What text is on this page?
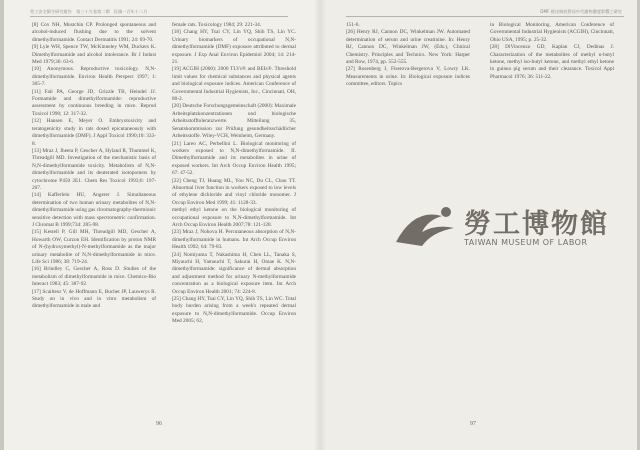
勞工安全衛生研究報告　第三十九卷第二期　民國一百年十二月
[8] Cox NH, Mustchin CP. Prolonged spontaneous and alcohol-induced flushing due to the solvent dimethylformamide. Contact Dermatitis 1991; 24: 69-70.
[9] Lyle WH, Spence TW, McKinneley WM, Duckers K. Dimethylformamide and alcohol intolerance. Br J Indust Med 1979;36: 63-6.
[10] Anonymous. Reproductive toxicology. N,N-dimethylformamide. Environ Health Perspect 1997; 1: 305-7.
[11] Fail PA, George JD, Grizzle TB, Heindel JJ. Formamide and dimethylformamide: reproductive assessment by continuous breeding in mice. Reprod Toxicol 1998; 12: 317-32.
[12] Hansen E, Meyer O. Embryotoxicity and teratogenicity study in rats dosed epicutaneously with dimethylformamide (DMF). J Appl Toxicol 1990;10: 333-8.
[13] Mraz J, Jheeta P, Gescher A, Hyland R, Thummel K, Threadgill MD. Investigation of the mechanistic basis of N,N-dimethylformamide toxicity. Metabolism of N,N-dimethylformamide and its deuterated isotopomers by cytochrome P450 2E1. Chem Res Toxicol 1993;6: 197-207.
[14] Kafferlein HU, Angerer J. Simultaneous determination of two human urinary metabolites of N,N-dimethylformamide using gas chromatography-thermionic sensitive detection with mass spectrometric confirmation. J Chromat B 1999;734: 285-98.
[15] Kestell P, Gill MH, Threadgill MD, Gescher A, Howarth OW, Curzon EH. Identification by proton NMR of N-(hydroxymethyl)-N-methylformamide as the major urinary metabolite of N,N-dimethylformamide in mice. Life Sci 1986; 38: 719-24.
[16] Brindley C, Gescher A, Ross D. Studies of the metabolism of dimethylformamide in mice. Chemico-Bio Interact 1983; 45: 387-92.
[17] Scailteur V, de Hoffmann E, Buchet JP, Lauwerys R. Study on in vivo and in vitro metabolism of dimethylformamide in male and
female rats. Toxicology 1984; 29: 221-34.
[18] Chang HY, Tsai CY, Lin YQ, Shih TS, Lin YC. Urinary biomarkers of occupational N,N-dimethylformamide (DMF) exposure attributed to dermal exposure. J Exp Anal Environ Epidemiol 2004; 14: 214-21.
[19] ACGIH (2000): 2000 TLVs® and BEIs®. Threshold limit values for chemical substances and physical agents and biological exposure indices. American Conference of Governmental Industrial Hygienists, Inc., Cincinnati, OH, 80-2.
[20] Deutsche Forschungsgemeinschaft (2000): Maximale Arbeitsplatzkonzentrationen und biologische Arbeitsstofftoleranzwerte. Mitteilung 35, Senatskommission zur Prüfung gesundheitsschädlicher Arbeitsstoffe. Wiley-VCH, Weinheim, Germany.
[21] Lareo AC, Perbellini L. Biological monitoring of workers exposed to N,N-dimethylformamide. II. Dimethylformamide and its metabolites in urine of exposed workers. Int Arch Occup Environ Health 1995; 67: 47-52.
[22] Cheng TJ, Huang ML, You NC, Du CL, Chau TT. Abnormal liver function in workers exposed to low levels of ethylene dichloride and vinyl chloride monomer. J Occup Environ Med 1999; 41: 1128-33.
methyl ethyl ketone on the biological monitoring of occupational exposure to N,N-dimethylformamide. Int Arch Occup Environ Health 2007;78: 121-128.
[23] Mraz J, Nohova H. Percutaneous absorption of N,N-dimethylformamide in humans. Int Arch Occup Environ Health 1992; 64: 79-83.
[24] Nomiyama T, Nakashima H, Chen LL, Tanaka S, Miyauchi H, Yamauchi T, Sakurai H, Omae K. N,N-dimethylformamide: significance of dermal absorption and adjustment method for urinary N-methylformamide concentration as a biological exposure item. Int Arch Occup Environ Health 2001; 74: 224-8.
[25] Chang HY, Tsai CY, Lin YQ, Shih TS, Lin WC. Total body burden arising from a week's repeated dermal exposure to N,N-dimethylformamide. Occup Environ Med 2005; 62,
96
DMF 經皮吸收對尿中代謝物濃度影響之研究
151-6.
[26] Henry RJ, Cannon DC, Winkelman JW. Automated determination of serum and urine creatinine. In: Henry RJ, Cannon DC, Winkelman JW, (Eds.), Clinical Chemistry. Principles and Technics. New York: Harper and Row, 1974, pp. 552-555.
[27] Rosenberg J, Fiserova-Bergerova V, Lowry LK. Measurements in urine. In: Biological exposure indices committee, editors. Topics
in Biological Monitoring. American Conference of Governmental Industrial Hygienists (ACGIH), Cincinnati, Ohio USA, 1995; p. 25-32.
[28] DiVincenzo GD, Kaplan CJ, Dedinas J. Characterization of the metabolites of methyl n-butyl ketone, methyl iso-butyl ketone, and methyl ethyl ketone in guinea pig serum and their clearance. Toxicol Appl Pharmacol 1976; 36: 511-22.
97
勞工博物館
TAIWAN MUSEUM OF LABOR
